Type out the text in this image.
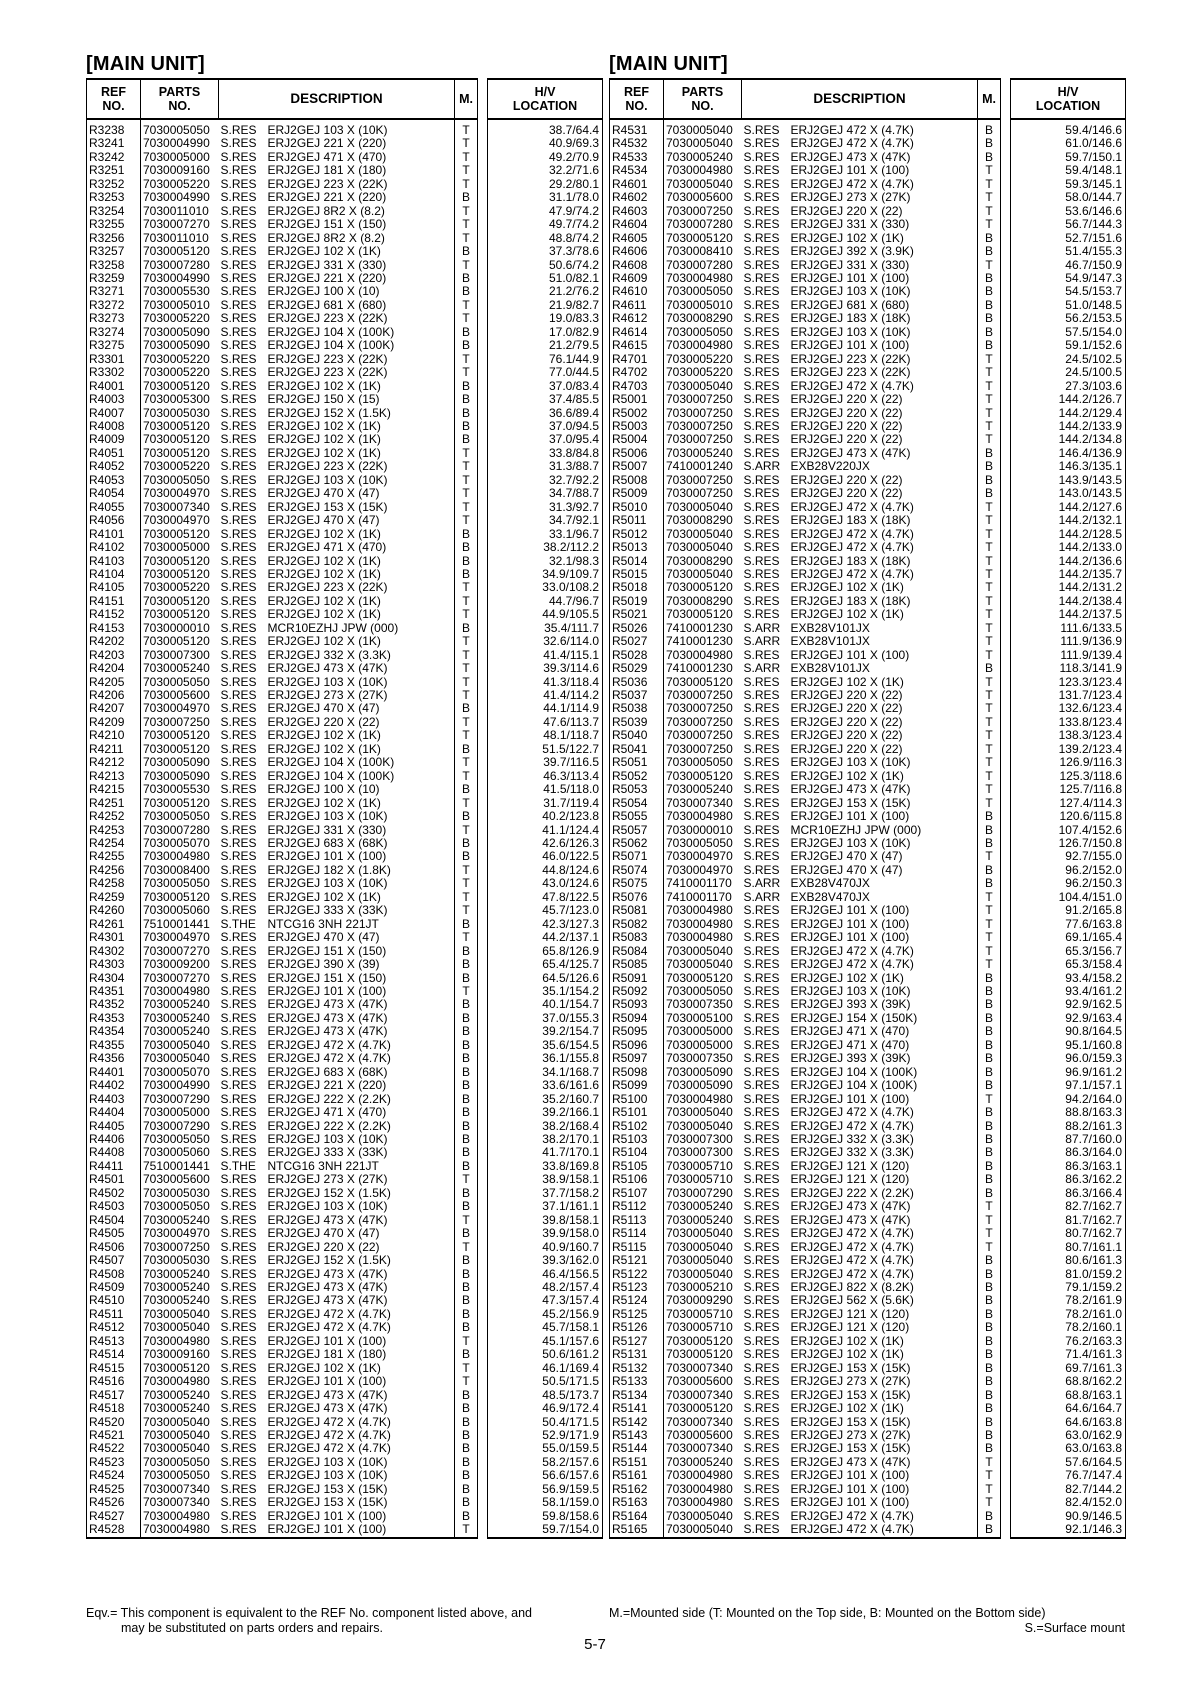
[MAIN UNIT]
REF
NO.	PARTS
NO.	DESCRIPTION		M.		H/V
LOCATION
R3238	7030005050	S.RES	ERJ2GEJ 103 X (10K)	T		38.7/64.4
R3241	7030004990	S.RES	ERJ2GEJ 221 X (220)	T		40.9/69.3
R3242	7030005000	S.RES	ERJ2GEJ 471 X (470)	T		49.2/70.9
R3251	7030009160	S.RES	ERJ2GEJ 181 X (180)	T		32.2/71.6
R3252	7030005220	S.RES	ERJ2GEJ 223 X (22K)	T		29.2/80.1
R3253	7030004990	S.RES	ERJ2GEJ 221 X (220)	B		31.1/78.0
R3254	7030011010	S.RES	ERJ2GEJ 8R2 X (8.2)	T		47.9/74.2
R3255	7030007270	S.RES	ERJ2GEJ 151 X (150)	T		49.7/74.2
R3256	7030011010	S.RES	ERJ2GEJ 8R2 X (8.2)	T		48.8/74.2
R3257	7030005120	S.RES	ERJ2GEJ 102 X (1K)	B		37.3/78.6
R3258	7030007280	S.RES	ERJ2GEJ 331 X (330)	T		50.6/74.2
R3259	7030004990	S.RES	ERJ2GEJ 221 X (220)	B		51.0/82.1
R3271	7030005530	S.RES	ERJ2GEJ 100 X (10)	B		21.2/76.2
R3272	7030005010	S.RES	ERJ2GEJ 681 X (680)	T		21.9/82.7
R3273	7030005220	S.RES	ERJ2GEJ 223 X (22K)	T		19.0/83.3
R3274	7030005090	S.RES	ERJ2GEJ 104 X (100K)	B		17.0/82.9
R3275	7030005090	S.RES	ERJ2GEJ 104 X (100K)	B		21.2/79.5
R3301	7030005220	S.RES	ERJ2GEJ 223 X (22K)	T		76.1/44.9
R3302	7030005220	S.RES	ERJ2GEJ 223 X (22K)	T		77.0/44.5
R4001	7030005120	S.RES	ERJ2GEJ 102 X (1K)	B		37.0/83.4
R4003	7030005300	S.RES	ERJ2GEJ 150 X (15)	B		37.4/85.5
R4007	7030005030	S.RES	ERJ2GEJ 152 X (1.5K)	B		36.6/89.4
R4008	7030005120	S.RES	ERJ2GEJ 102 X (1K)	B		37.0/94.5
R4009	7030005120	S.RES	ERJ2GEJ 102 X (1K)	B		37.0/95.4
R4051	7030005120	S.RES	ERJ2GEJ 102 X (1K)	T		33.8/84.8
R4052	7030005220	S.RES	ERJ2GEJ 223 X (22K)	T		31.3/88.7
R4053	7030005050	S.RES	ERJ2GEJ 103 X (10K)	T		32.7/92.2
R4054	7030004970	S.RES	ERJ2GEJ 470 X (47)	T		34.7/88.7
R4055	7030007340	S.RES	ERJ2GEJ 153 X (15K)	T		31.3/92.7
R4056	7030004970	S.RES	ERJ2GEJ 470 X (47)	T		34.7/92.1
R4101	7030005120	S.RES	ERJ2GEJ 102 X (1K)	B		33.1/96.7
R4102	7030005000	S.RES	ERJ2GEJ 471 X (470)	B		38.2/112.2
R4103	7030005120	S.RES	ERJ2GEJ 102 X (1K)	B		32.1/98.3
R4104	7030005120	S.RES	ERJ2GEJ 102 X (1K)	B		34.9/109.7
R4105	7030005220	S.RES	ERJ2GEJ 223 X (22K)	T		33.0/108.2
R4151	7030005120	S.RES	ERJ2GEJ 102 X (1K)	T		44.7/96.7
R4152	7030005120	S.RES	ERJ2GEJ 102 X (1K)	T		44.9/105.5
R4153	7030000010	S.RES	MCR10EZHJ JPW (000)	B		35.4/111.7
R4202	7030005120	S.RES	ERJ2GEJ 102 X (1K)	T		32.6/114.0
R4203	7030007300	S.RES	ERJ2GEJ 332 X (3.3K)	T		41.4/115.1
R4204	7030005240	S.RES	ERJ2GEJ 473 X (47K)	T		39.3/114.6
R4205	7030005050	S.RES	ERJ2GEJ 103 X (10K)	T		41.3/118.4
R4206	7030005600	S.RES	ERJ2GEJ 273 X (27K)	T		41.4/114.2
R4207	7030004970	S.RES	ERJ2GEJ 470 X (47)	B		44.1/114.9
R4209	7030007250	S.RES	ERJ2GEJ 220 X (22)	T		47.6/113.7
R4210	7030005120	S.RES	ERJ2GEJ 102 X (1K)	T		48.1/118.7
R4211	7030005120	S.RES	ERJ2GEJ 102 X (1K)	B		51.5/122.7
R4212	7030005090	S.RES	ERJ2GEJ 104 X (100K)	T		39.7/116.5
R4213	7030005090	S.RES	ERJ2GEJ 104 X (100K)	T		46.3/113.4
R4215	7030005530	S.RES	ERJ2GEJ 100 X (10)	B		41.5/118.0
R4251	7030005120	S.RES	ERJ2GEJ 102 X (1K)	T		31.7/119.4
R4252	7030005050	S.RES	ERJ2GEJ 103 X (10K)	B		40.2/123.8
R4253	7030007280	S.RES	ERJ2GEJ 331 X (330)	T		41.1/124.4
R4254	7030005070	S.RES	ERJ2GEJ 683 X (68K)	B		42.6/126.3
R4255	7030004980	S.RES	ERJ2GEJ 101 X (100)	B		46.0/122.5
R4256	7030008400	S.RES	ERJ2GEJ 182 X (1.8K)	T		44.8/124.6
R4258	7030005050	S.RES	ERJ2GEJ 103 X (10K)	T		43.0/124.6
R4259	7030005120	S.RES	ERJ2GEJ 102 X (1K)	T		47.8/122.5
R4260	7030005060	S.RES	ERJ2GEJ 333 X (33K)	T		45.7/123.0
R4261	7510001441	S.THE	NTCG16 3NH 221JT	B		42.3/127.3
R4301	7030004970	S.RES	ERJ2GEJ 470 X (47)	T		44.2/137.1
R4302	7030007270	S.RES	ERJ2GEJ 151 X (150)	B		65.8/126.9
R4303	7030009200	S.RES	ERJ2GEJ 390 X (39)	B		65.4/125.7
R4304	7030007270	S.RES	ERJ2GEJ 151 X (150)	B		64.5/126.6
R4351	7030004980	S.RES	ERJ2GEJ 101 X (100)	T		35.1/154.2
R4352	7030005240	S.RES	ERJ2GEJ 473 X (47K)	B		40.1/154.7
R4353	7030005240	S.RES	ERJ2GEJ 473 X (47K)	B		37.0/155.3
R4354	7030005240	S.RES	ERJ2GEJ 473 X (47K)	B		39.2/154.7
R4355	7030005040	S.RES	ERJ2GEJ 472 X (4.7K)	B		35.6/154.5
R4356	7030005040	S.RES	ERJ2GEJ 472 X (4.7K)	B		36.1/155.8
R4401	7030005070	S.RES	ERJ2GEJ 683 X (68K)	B		34.1/168.7
R4402	7030004990	S.RES	ERJ2GEJ 221 X (220)	B		33.6/161.6
R4403	7030007290	S.RES	ERJ2GEJ 222 X (2.2K)	B		35.2/160.7
R4404	7030005000	S.RES	ERJ2GEJ 471 X (470)	B		39.2/166.1
R4405	7030007290	S.RES	ERJ2GEJ 222 X (2.2K)	B		38.2/168.4
R4406	7030005050	S.RES	ERJ2GEJ 103 X (10K)	B		38.2/170.1
R4408	7030005060	S.RES	ERJ2GEJ 333 X (33K)	B		41.7/170.1
R4411	7510001441	S.THE	NTCG16 3NH 221JT	B		33.8/169.8
R4501	7030005600	S.RES	ERJ2GEJ 273 X (27K)	T		38.9/158.1
R4502	7030005030	S.RES	ERJ2GEJ 152 X (1.5K)	B		37.7/158.2
R4503	7030005050	S.RES	ERJ2GEJ 103 X (10K)	B		37.1/161.1
R4504	7030005240	S.RES	ERJ2GEJ 473 X (47K)	T		39.8/158.1
R4505	7030004970	S.RES	ERJ2GEJ 470 X (47)	B		39.9/158.0
R4506	7030007250	S.RES	ERJ2GEJ 220 X (22)	T		40.9/160.7
R4507	7030005030	S.RES	ERJ2GEJ 152 X (1.5K)	B		39.3/162.0
R4508	7030005240	S.RES	ERJ2GEJ 473 X (47K)	B		46.4/156.5
R4509	7030005240	S.RES	ERJ2GEJ 473 X (47K)	B		48.2/157.4
R4510	7030005240	S.RES	ERJ2GEJ 473 X (47K)	B		47.3/157.4
R4511	7030005040	S.RES	ERJ2GEJ 472 X (4.7K)	B		45.2/156.9
R4512	7030005040	S.RES	ERJ2GEJ 472 X (4.7K)	B		45.7/158.1
R4513	7030004980	S.RES	ERJ2GEJ 101 X (100)	T		45.1/157.6
R4514	7030009160	S.RES	ERJ2GEJ 181 X (180)	B		50.6/161.2
R4515	7030005120	S.RES	ERJ2GEJ 102 X (1K)	T		46.1/169.4
R4516	7030004980	S.RES	ERJ2GEJ 101 X (100)	T		50.5/171.5
R4517	7030005240	S.RES	ERJ2GEJ 473 X (47K)	B		48.5/173.7
R4518	7030005240	S.RES	ERJ2GEJ 473 X (47K)	B		46.9/172.4
R4520	7030005040	S.RES	ERJ2GEJ 472 X (4.7K)	B		50.4/171.5
R4521	7030005040	S.RES	ERJ2GEJ 472 X (4.7K)	B		52.9/171.9
R4522	7030005040	S.RES	ERJ2GEJ 472 X (4.7K)	B		55.0/159.5
R4523	7030005050	S.RES	ERJ2GEJ 103 X (10K)	B		58.2/157.6
R4524	7030005050	S.RES	ERJ2GEJ 103 X (10K)	B		56.6/157.6
R4525	7030007340	S.RES	ERJ2GEJ 153 X (15K)	B		56.9/159.5
R4526	7030007340	S.RES	ERJ2GEJ 153 X (15K)	B		58.1/159.0
R4527	7030004980	S.RES	ERJ2GEJ 101 X (100)	B		59.8/158.6
R4528	7030004980	S.RES	ERJ2GEJ 101 X (100)	T		59.7/154.0
[MAIN UNIT]
REF
NO.	PARTS
NO.	DESCRIPTION		M.		H/V
LOCATION
R4531	7030005040	S.RES	ERJ2GEJ 472 X (4.7K)	B		59.4/146.6
R4532	7030005040	S.RES	ERJ2GEJ 472 X (4.7K)	B		61.0/146.6
R4533	7030005240	S.RES	ERJ2GEJ 473 X (47K)	B		59.7/150.1
R4534	7030004980	S.RES	ERJ2GEJ 101 X (100)	T		59.4/148.1
R4601	7030005040	S.RES	ERJ2GEJ 472 X (4.7K)	T		59.3/145.1
R4602	7030005600	S.RES	ERJ2GEJ 273 X (27K)	T		58.0/144.7
R4603	7030007250	S.RES	ERJ2GEJ 220 X (22)	T		53.6/146.6
R4604	7030007280	S.RES	ERJ2GEJ 331 X (330)	T		56.7/144.3
R4605	7030005120	S.RES	ERJ2GEJ 102 X (1K)	B		52.7/151.6
R4606	7030008410	S.RES	ERJ2GEJ 392 X (3.9K)	B		51.4/155.3
R4608	7030007280	S.RES	ERJ2GEJ 331 X (330)	T		46.7/150.9
R4609	7030004980	S.RES	ERJ2GEJ 101 X (100)	B		54.9/147.3
R4610	7030005050	S.RES	ERJ2GEJ 103 X (10K)	B		54.5/153.7
R4611	7030005010	S.RES	ERJ2GEJ 681 X (680)	B		51.0/148.5
R4612	7030008290	S.RES	ERJ2GEJ 183 X (18K)	B		56.2/153.5
R4614	7030005050	S.RES	ERJ2GEJ 103 X (10K)	B		57.5/154.0
R4615	7030004980	S.RES	ERJ2GEJ 101 X (100)	B		59.1/152.6
R4701	7030005220	S.RES	ERJ2GEJ 223 X (22K)	T		24.5/102.5
R4702	7030005220	S.RES	ERJ2GEJ 223 X (22K)	T		24.5/100.5
R4703	7030005040	S.RES	ERJ2GEJ 472 X (4.7K)	T		27.3/103.6
R5001	7030007250	S.RES	ERJ2GEJ 220 X (22)	T		144.2/126.7
R5002	7030007250	S.RES	ERJ2GEJ 220 X (22)	T		144.2/129.4
R5003	7030007250	S.RES	ERJ2GEJ 220 X (22)	T		144.2/133.9
R5004	7030007250	S.RES	ERJ2GEJ 220 X (22)	T		144.2/134.8
R5006	7030005240	S.RES	ERJ2GEJ 473 X (47K)	B		146.4/136.9
R5007	7410001240	S.ARR	EXB28V220JX	B		146.3/135.1
R5008	7030007250	S.RES	ERJ2GEJ 220 X (22)	B		143.9/143.5
R5009	7030007250	S.RES	ERJ2GEJ 220 X (22)	B		143.0/143.5
R5010	7030005040	S.RES	ERJ2GEJ 472 X (4.7K)	T		144.2/127.6
R5011	7030008290	S.RES	ERJ2GEJ 183 X (18K)	T		144.2/132.1
R5012	7030005040	S.RES	ERJ2GEJ 472 X (4.7K)	T		144.2/128.5
R5013	7030005040	S.RES	ERJ2GEJ 472 X (4.7K)	T		144.2/133.0
R5014	7030008290	S.RES	ERJ2GEJ 183 X (18K)	T		144.2/136.6
R5015	7030005040	S.RES	ERJ2GEJ 472 X (4.7K)	T		144.2/135.7
R5018	7030005120	S.RES	ERJ2GEJ 102 X (1K)	T		144.2/131.2
R5019	7030008290	S.RES	ERJ2GEJ 183 X (18K)	T		144.2/138.4
R5021	7030005120	S.RES	ERJ2GEJ 102 X (1K)	T		144.2/137.5
R5026	7410001230	S.ARR	EXB28V101JX	T		111.6/133.5
R5027	7410001230	S.ARR	EXB28V101JX	T		111.9/136.9
R5028	7030004980	S.RES	ERJ2GEJ 101 X (100)	T		111.9/139.4
R5029	7410001230	S.ARR	EXB28V101JX	B		118.3/141.9
R5036	7030005120	S.RES	ERJ2GEJ 102 X (1K)	T		123.3/123.4
R5037	7030007250	S.RES	ERJ2GEJ 220 X (22)	T		131.7/123.4
R5038	7030007250	S.RES	ERJ2GEJ 220 X (22)	T		132.6/123.4
R5039	7030007250	S.RES	ERJ2GEJ 220 X (22)	T		133.8/123.4
R5040	7030007250	S.RES	ERJ2GEJ 220 X (22)	T		138.3/123.4
R5041	7030007250	S.RES	ERJ2GEJ 220 X (22)	T		139.2/123.4
R5051	7030005050	S.RES	ERJ2GEJ 103 X (10K)	T		126.9/116.3
R5052	7030005120	S.RES	ERJ2GEJ 102 X (1K)	T		125.3/118.6
R5053	7030005240	S.RES	ERJ2GEJ 473 X (47K)	T		125.7/116.8
R5054	7030007340	S.RES	ERJ2GEJ 153 X (15K)	T		127.4/114.3
R5055	7030004980	S.RES	ERJ2GEJ 101 X (100)	B		120.6/115.8
R5057	7030000010	S.RES	MCR10EZHJ JPW (000)	B		107.4/152.6
R5062	7030005050	S.RES	ERJ2GEJ 103 X (10K)	B		126.7/150.8
R5071	7030004970	S.RES	ERJ2GEJ 470 X (47)	T		92.7/155.0
R5074	7030004970	S.RES	ERJ2GEJ 470 X (47)	B		96.2/152.0
R5075	7410001170	S.ARR	EXB28V470JX	B		96.2/150.3
R5076	7410001170	S.ARR	EXB28V470JX	T		104.4/151.0
R5081	7030004980	S.RES	ERJ2GEJ 101 X (100)	T		91.2/165.8
R5082	7030004980	S.RES	ERJ2GEJ 101 X (100)	T		77.6/163.8
R5083	7030004980	S.RES	ERJ2GEJ 101 X (100)	T		69.1/165.4
R5084	7030005040	S.RES	ERJ2GEJ 472 X (4.7K)	T		65.3/156.7
R5085	7030005040	S.RES	ERJ2GEJ 472 X (4.7K)	T		65.3/158.4
R5091	7030005120	S.RES	ERJ2GEJ 102 X (1K)	B		93.4/158.2
R5092	7030005050	S.RES	ERJ2GEJ 103 X (10K)	B		93.4/161.2
R5093	7030007350	S.RES	ERJ2GEJ 393 X (39K)	B		92.9/162.5
R5094	7030005100	S.RES	ERJ2GEJ 154 X (150K)	B		92.9/163.4
R5095	7030005000	S.RES	ERJ2GEJ 471 X (470)	B		90.8/164.5
R5096	7030005000	S.RES	ERJ2GEJ 471 X (470)	B		95.1/160.8
R5097	7030007350	S.RES	ERJ2GEJ 393 X (39K)	B		96.0/159.3
R5098	7030005090	S.RES	ERJ2GEJ 104 X (100K)	B		96.9/161.2
R5099	7030005090	S.RES	ERJ2GEJ 104 X (100K)	B		97.1/157.1
R5100	7030004980	S.RES	ERJ2GEJ 101 X (100)	T		94.2/164.0
R5101	7030005040	S.RES	ERJ2GEJ 472 X (4.7K)	B		88.8/163.3
R5102	7030005040	S.RES	ERJ2GEJ 472 X (4.7K)	B		88.2/161.3
R5103	7030007300	S.RES	ERJ2GEJ 332 X (3.3K)	B		87.7/160.0
R5104	7030007300	S.RES	ERJ2GEJ 332 X (3.3K)	B		86.3/164.0
R5105	7030005710	S.RES	ERJ2GEJ 121 X (120)	B		86.3/163.1
R5106	7030005710	S.RES	ERJ2GEJ 121 X (120)	B		86.3/162.2
R5107	7030007290	S.RES	ERJ2GEJ 222 X (2.2K)	B		86.3/166.4
R5112	7030005240	S.RES	ERJ2GEJ 473 X (47K)	T		82.7/162.7
R5113	7030005240	S.RES	ERJ2GEJ 473 X (47K)	T		81.7/162.7
R5114	7030005040	S.RES	ERJ2GEJ 472 X (4.7K)	T		80.7/162.7
R5115	7030005040	S.RES	ERJ2GEJ 472 X (4.7K)	T		80.7/161.1
R5121	7030005040	S.RES	ERJ2GEJ 472 X (4.7K)	B		80.6/161.3
R5122	7030005040	S.RES	ERJ2GEJ 472 X (4.7K)	B		81.0/159.2
R5123	7030005210	S.RES	ERJ2GEJ 822 X (8.2K)	B		79.1/159.2
R5124	7030009290	S.RES	ERJ2GEJ 562 X (5.6K)	B		78.2/161.9
R5125	7030005710	S.RES	ERJ2GEJ 121 X (120)	B		78.2/161.0
R5126	7030005710	S.RES	ERJ2GEJ 121 X (120)	B		78.2/160.1
R5127	7030005120	S.RES	ERJ2GEJ 102 X (1K)	B		76.2/163.3
R5131	7030005120	S.RES	ERJ2GEJ 102 X (1K)	B		71.4/161.3
R5132	7030007340	S.RES	ERJ2GEJ 153 X (15K)	B		69.7/161.3
R5133	7030005600	S.RES	ERJ2GEJ 273 X (27K)	B		68.8/162.2
R5134	7030007340	S.RES	ERJ2GEJ 153 X (15K)	B		68.8/163.1
R5141	7030005120	S.RES	ERJ2GEJ 102 X (1K)	B		64.6/164.7
R5142	7030007340	S.RES	ERJ2GEJ 153 X (15K)	B		64.6/163.8
R5143	7030005600	S.RES	ERJ2GEJ 273 X (27K)	B		63.0/162.9
R5144	7030007340	S.RES	ERJ2GEJ 153 X (15K)	B		63.0/163.8
R5151	7030005240	S.RES	ERJ2GEJ 473 X (47K)	T		57.6/164.5
R5161	7030004980	S.RES	ERJ2GEJ 101 X (100)	T		76.7/147.4
R5162	7030004980	S.RES	ERJ2GEJ 101 X (100)	T		82.7/144.2
R5163	7030004980	S.RES	ERJ2GEJ 101 X (100)	T		82.4/152.0
R5164	7030005040	S.RES	ERJ2GEJ 472 X (4.7K)	B		90.9/146.5
R5165	7030005040	S.RES	ERJ2GEJ 472 X (4.7K)	B		92.1/146.3
Eqv.= This component is equivalent to the REF No. component listed above, and
may be substituted on parts orders and repairs.
M.=Mounted side (T: Mounted on the Top side, B: Mounted on the Bottom side)
S.=Surface mount
5-7
